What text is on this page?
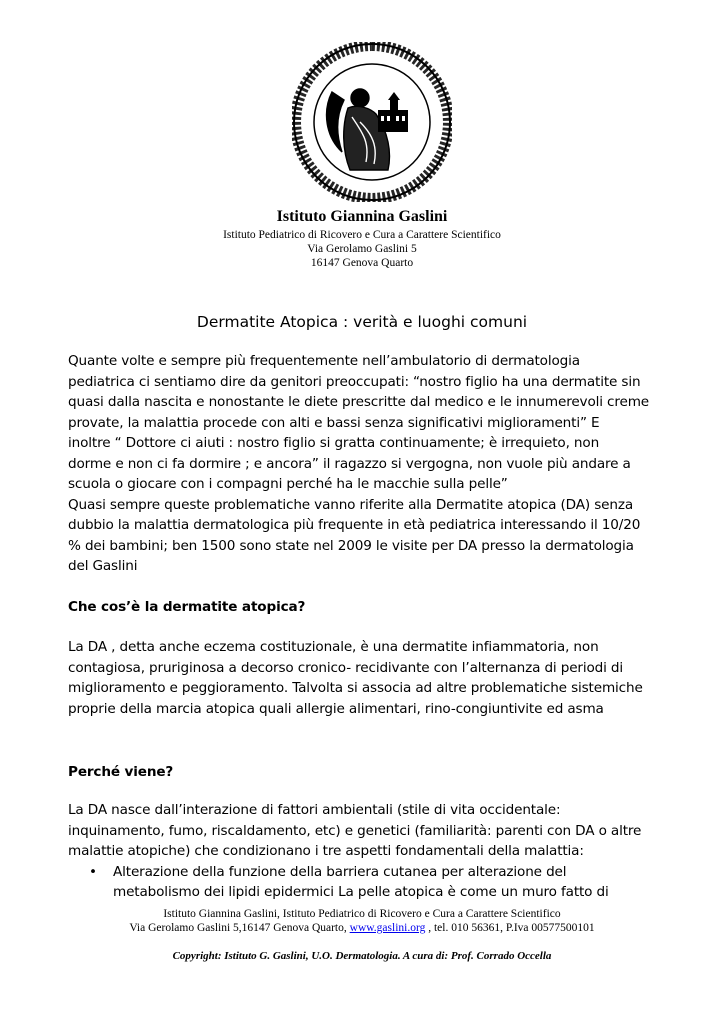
Istituto Giannina Gaslini
Istituto Pediatrico di Ricovero e Cura a Carattere Scientifico
Via Gerolamo Gaslini 5
16147 Genova Quarto
Dermatite Atopica : verità e luoghi comuni

Quante volte e sempre più frequentemente nell’ambulatorio di dermatologia

pediatrica ci sentiamo dire da genitori preoccupati: “nostro figlio ha una dermatite sin

quasi dalla nascita e nonostante le diete prescritte dal medico e le innumerevoli creme

provate, la malattia procede con alti e bassi senza significativi miglioramenti” E

inoltre “ Dottore ci aiuti : nostro figlio si gratta continuamente; è irrequieto, non

dorme e non ci fa dormire ; e ancora” il ragazzo si vergogna, non vuole più andare a

scuola o giocare con i compagni perché ha le macchie sulla pelle”

Quasi sempre queste problematiche vanno riferite alla Dermatite atopica (DA) senza

dubbio la malattia dermatologica più frequente in età pediatrica interessando il 10/20

% dei bambini; ben 1500 sono state nel 2009 le visite per DA presso la dermatologia

del Gaslini

Che cos’è la dermatite atopica?

La DA , detta anche eczema costituzionale, è una dermatite infiammatoria, non

contagiosa, pruriginosa a decorso cronico- recidivante con l’alternanza di periodi di

miglioramento e peggioramento. Talvolta si associa ad altre problematiche sistemiche

proprie della marcia atopica quali allergie alimentari, rino-congiuntivite ed asma

Perché viene?

La DA nasce dall’interazione di fattori ambientali (stile di vita occidentale:

inquinamento, fumo, riscaldamento, etc) e genetici (familiarità: parenti con DA o altre

malattie atopiche) che condizionano i tre aspetti fondamentali della malattia:

• Alterazione della funzione della barriera cutanea per alterazione del
metabolismo dei lipidi epidermici La pelle atopica è come un muro fatto di
Istituto Giannina Gaslini, Istituto Pediatrico di Ricovero e Cura a Carattere Scientifico
Via Gerolamo Gaslini 5,16147 Genova Quarto, www.gaslini.org , tel. 010 56361, P.Iva 00577500101
Copyright: Istituto G. Gaslini, U.O. Dermatologia. A cura di: Prof. Corrado Occella
